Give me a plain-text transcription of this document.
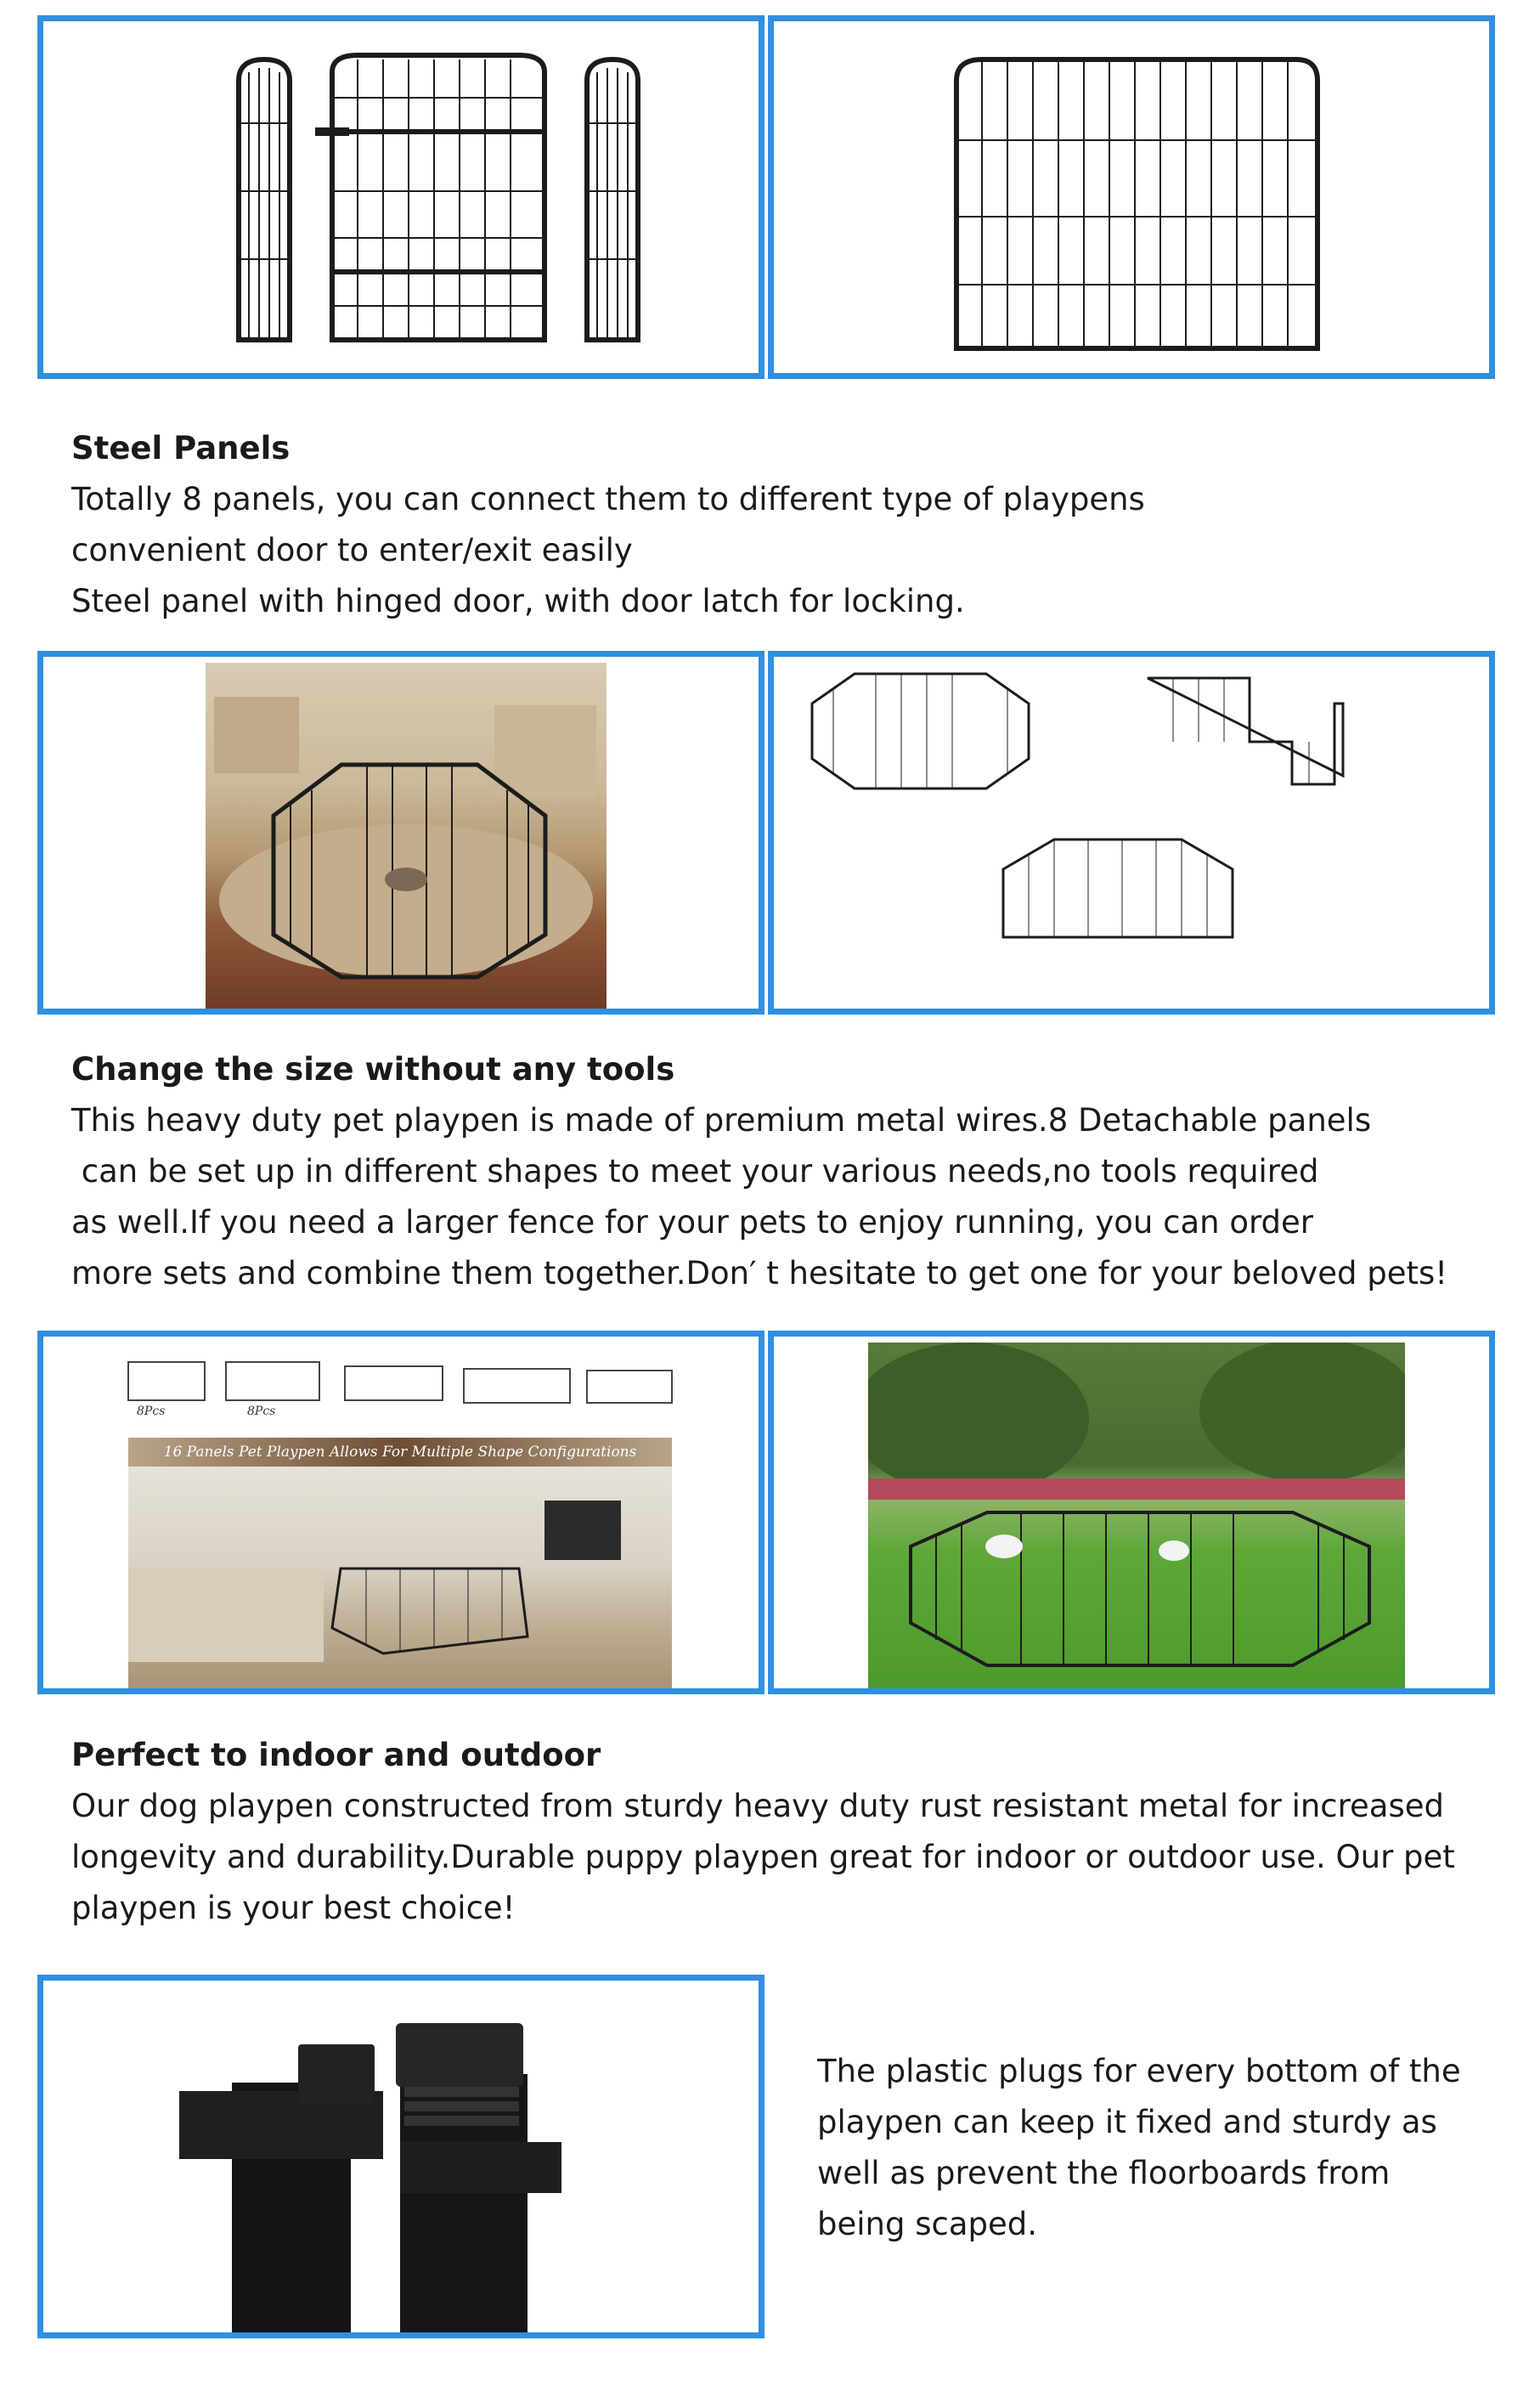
Steel Panels
Totally 8 panels, you can connect them to different type of playpens
convenient door to enter/exit easily
Steel panel with hinged door, with door latch for locking.
Change the size without any tools
This heavy duty pet playpen is made of premium metal wires.8 Detachable panels
can be set up in different shapes to meet your various needs,no tools required
as well.If you need a larger fence for your pets to enjoy running, you can order
more sets and combine them together.Don′ t hesitate to get one for your beloved pets!
8Pcs	8Pcs
16 Panels Pet Playpen Allows For Multiple Shape Configurations
Perfect to indoor and outdoor
Our dog playpen constructed from sturdy heavy duty rust resistant metal for increased
longevity and durability.Durable puppy playpen great for indoor or outdoor use. Our pet
playpen is your best choice!
The plastic plugs for every bottom of the
playpen can keep it fixed and sturdy as
well as prevent the floorboards from
being scaped.
